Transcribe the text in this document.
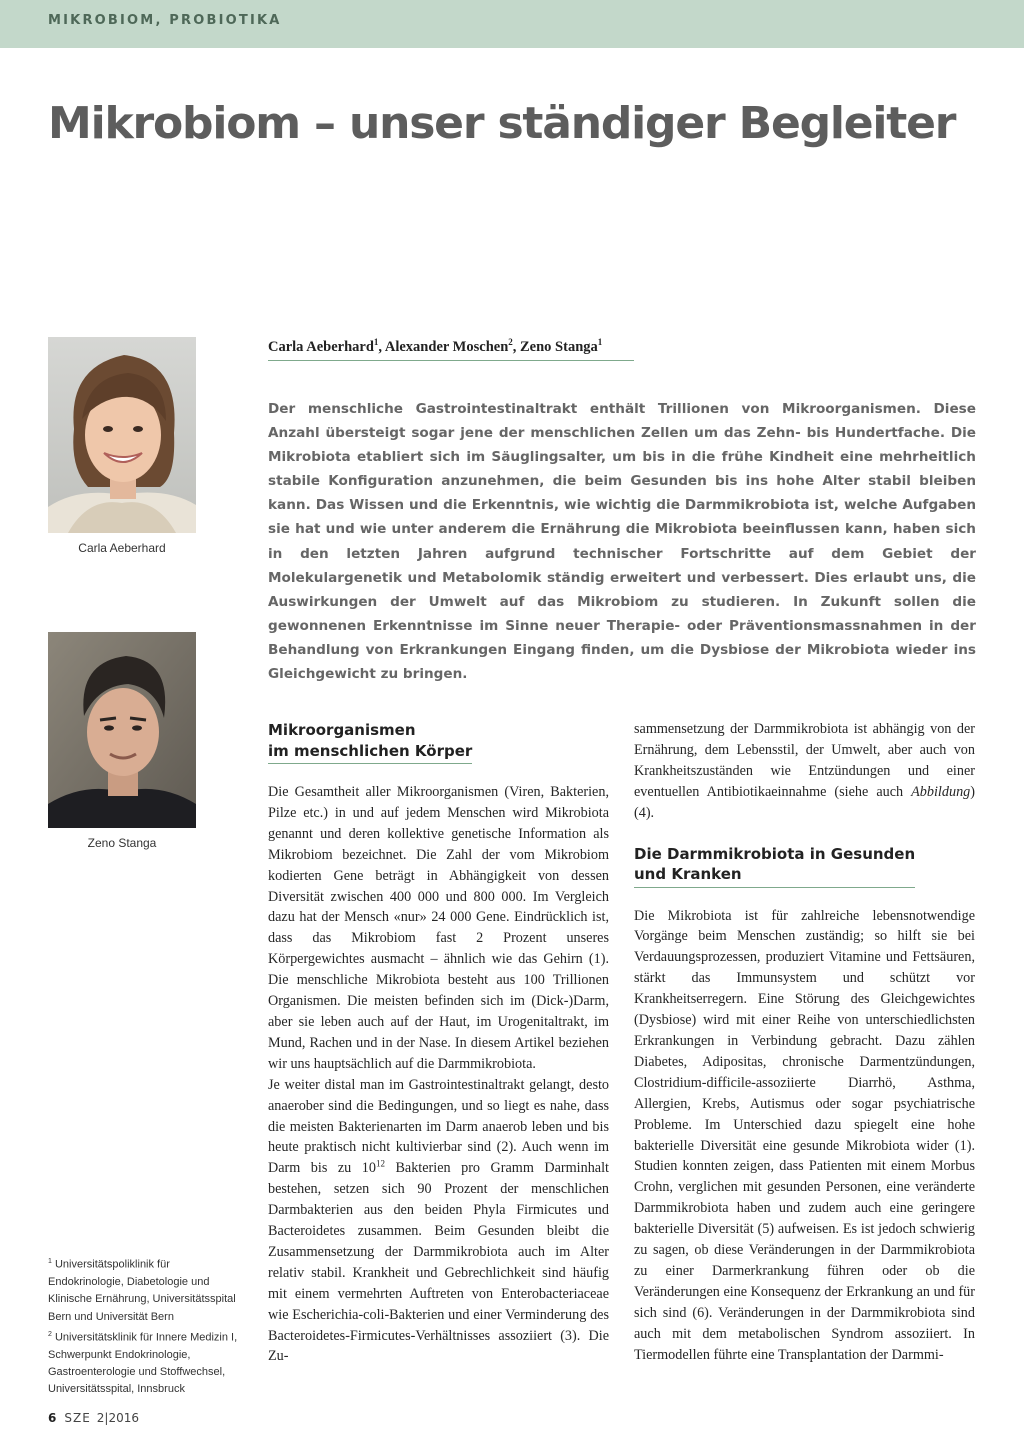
MIKROBIOM, PROBIOTIKA
Mikrobiom – unser ständiger Begleiter
Carla Aeberhard
Zeno Stanga
Carla Aeberhard$^1$, Alexander Moschen$^2$, Zeno Stanga$^1$

Der menschliche Gastrointestinaltrakt enthält Trillionen von Mikroorganismen. Diese Anzahl übersteigt sogar jene der menschlichen Zellen um das Zehn- bis Hundertfache. Die Mikrobiota etabliert sich im Säuglingsalter, um bis in die frühe Kindheit eine mehrheitlich stabile Konfiguration anzunehmen, die beim Gesunden bis ins hohe Alter stabil bleiben kann. Das Wissen und die Erkenntnis, wie wichtig die Darmmikrobiota ist, welche Aufgaben sie hat und wie unter anderem die Ernährung die Mikrobiota beeinflussen kann, haben sich in den letzten Jahren aufgrund technischer Fortschritte auf dem Gebiet der Molekulargenetik und Metabolomik ständig erweitert und verbessert. Dies erlaubt uns, die Auswirkungen der Umwelt auf das Mikrobiom zu studieren. In Zukunft sollen die gewonnenen Erkenntnisse im Sinne neuer Therapie- oder Präventionsmassnahmen in der Behandlung von Erkrankungen Eingang finden, um die Dysbiose der Mikrobiota wieder ins Gleichgewicht zu bringen.

Mikroorganismen
im menschlichen Körper

Die Gesamtheit aller Mikroorganismen (Viren, Bakterien, Pilze etc.) in und auf jedem Menschen wird Mikrobiota genannt und deren kollektive genetische Information als Mikrobiom bezeichnet. Die Zahl der vom Mikrobiom kodierten Gene beträgt in Abhängigkeit von dessen Diversität zwischen 400 000 und 800 000. Im Vergleich dazu hat der Mensch «nur» 24 000 Gene. Eindrücklich ist, dass das Mikrobiom fast 2 Prozent unseres Körpergewichtes ausmacht – ähnlich wie das Gehirn (1). Die menschliche Mikrobiota besteht aus 100 Trillionen Organismen. Die meisten befinden sich im (Dick-)Darm, aber sie leben auch auf der Haut, im Urogenitaltrakt, im Mund, Rachen und in der Nase. In diesem Artikel beziehen wir uns hauptsächlich auf die Darmmikrobiota.

Je weiter distal man im Gastrointestinaltrakt gelangt, desto anaerober sind die Bedingungen, und so liegt es nahe, dass die meisten Bakterienarten im Darm anaerob leben und bis heute praktisch nicht kultivierbar sind (2). Auch wenn im Darm bis zu $10^{12}$ Bakterien pro Gramm Darminhalt bestehen, setzen sich 90 Prozent der menschlichen Darmbakterien aus den beiden Phyla Firmicutes und Bacteroidetes zusammen. Beim Gesunden bleibt die Zusammensetzung der Darmmikrobiota auch im Alter relativ stabil. Krankheit und Gebrechlichkeit sind häufig mit einem vermehrten Auftreten von Enterobacteriaceae wie Escherichia-coli-Bakterien und einer Verminderung des Bacteroidetes-Firmicutes-Verhältnisses assoziiert (3). Die Zu-

sammensetzung der Darmmikrobiota ist abhängig von der Ernährung, dem Lebensstil, der Umwelt, aber auch von Krankheitszuständen wie Entzündungen und einer eventuellen Antibiotikaeinnahme (siehe auch Abbildung) (4).

Die Darmmikrobiota in Gesunden
und Kranken

Die Mikrobiota ist für zahlreiche lebensnotwendige Vorgänge beim Menschen zuständig; so hilft sie bei Verdauungsprozessen, produziert Vitamine und Fettsäuren, stärkt das Immunsystem und schützt vor Krankheitserregern. Eine Störung des Gleichgewichtes (Dysbiose) wird mit einer Reihe von unterschiedlichsten Erkrankungen in Verbindung gebracht. Dazu zählen Diabetes, Adipositas, chronische Darmentzündungen, Clostridium-difficile-assoziierte Diarrhö, Asthma, Allergien, Krebs, Autismus oder sogar psychiatrische Probleme. Im Unterschied dazu spiegelt eine hohe bakterielle Diversität eine gesunde Mikrobiota wider (1). Studien konnten zeigen, dass Patienten mit einem Morbus Crohn, verglichen mit gesunden Personen, eine veränderte Darmmikrobiota haben und zudem auch eine geringere bakterielle Diversität (5) aufweisen. Es ist jedoch schwierig zu sagen, ob diese Veränderungen in der Darmmikrobiota zu einer Darmerkrankung führen oder ob die Veränderungen eine Konsequenz der Erkrankung an und für sich sind (6). Veränderungen in der Darmmikrobiota sind auch mit dem metabolischen Syndrom assoziiert. In Tiermodellen führte eine Transplantation der Darmmi-

$^1$ Universitätspoliklinik für Endokrinologie, Diabetologie und Klinische Ernährung, Universitätsspital Bern und Universität Bern

$^2$ Universitätsklinik für Innere Medizin I, Schwerpunkt Endokrinologie, Gastroenterologie und Stoffwechsel, Universitätsspital, Innsbruck

6 SZE 2|2016
